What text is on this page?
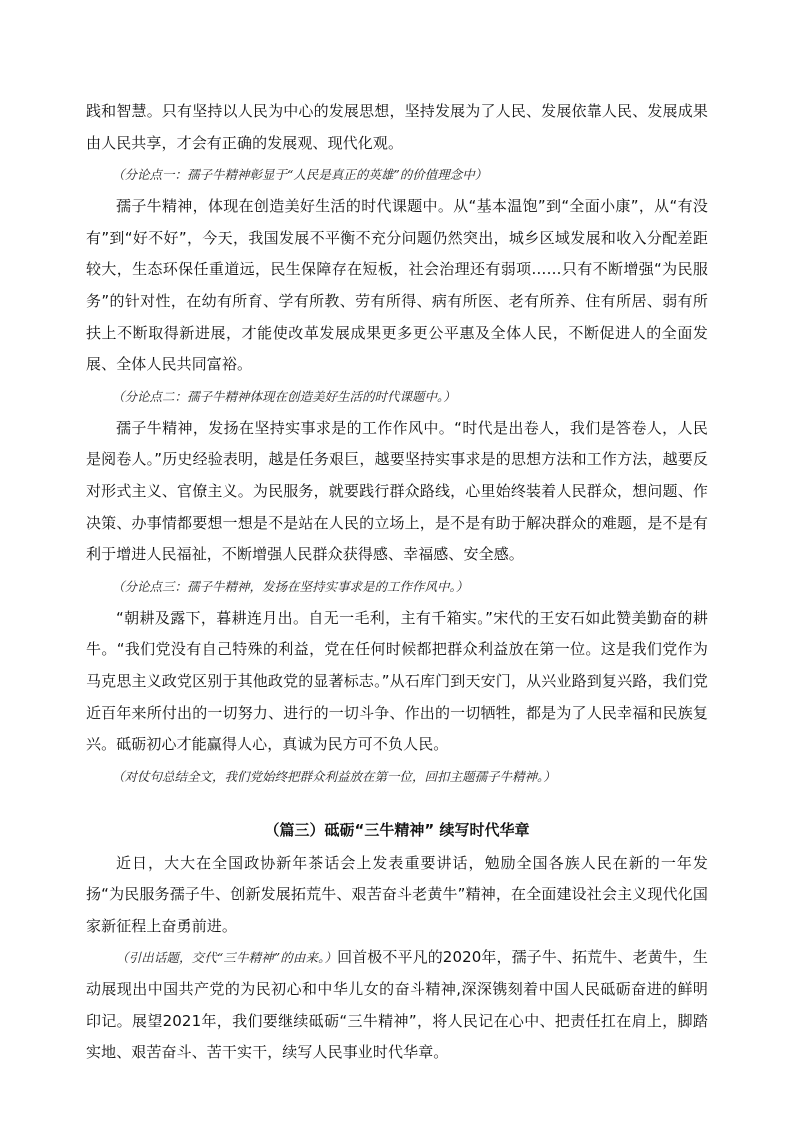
践和智慧。只有坚持以人民为中心的发展思想，坚持发展为了人民、发展依靠人民、发展成果由人民共享，才会有正确的发展观、现代化观。

（分论点一：孺子牛精神彰显于“人民是真正的英雄”的价值理念中）

孺子牛精神，体现在创造美好生活的时代课题中。从“基本温饱”到“全面小康”，从“有没有”到“好不好”，今天，我国发展不平衡不充分问题仍然突出，城乡区域发展和收入分配差距较大，生态环保任重道远，民生保障存在短板，社会治理还有弱项……只有不断增强“为民服务”的针对性，在幼有所育、学有所教、劳有所得、病有所医、老有所养、住有所居、弱有所扶上不断取得新进展，才能使改革发展成果更多更公平惠及全体人民，不断促进人的全面发展、全体人民共同富裕。

（分论点二：孺子牛精神体现在创造美好生活的时代课题中。）

孺子牛精神，发扬在坚持实事求是的工作作风中。“时代是出卷人，我们是答卷人，人民是阅卷人。”历史经验表明，越是任务艰巨，越要坚持实事求是的思想方法和工作方法，越要反对形式主义、官僚主义。为民服务，就要践行群众路线，心里始终装着人民群众，想问题、作决策、办事情都要想一想是不是站在人民的立场上，是不是有助于解决群众的难题，是不是有利于增进人民福祉，不断增强人民群众获得感、幸福感、安全感。

（分论点三：孺子牛精神，发扬在坚持实事求是的工作作风中。）

“朝耕及露下，暮耕连月出。自无一毛利，主有千箱实。”宋代的王安石如此赞美勤奋的耕牛。“我们党没有自己特殊的利益，党在任何时候都把群众利益放在第一位。这是我们党作为马克思主义政党区别于其他政党的显著标志。”从石库门到天安门，从兴业路到复兴路，我们党近百年来所付出的一切努力、进行的一切斗争、作出的一切牺牲，都是为了人民幸福和民族复兴。砥砺初心才能赢得人心，真诚为民方可不负人民。

（对仗句总结全文，我们党始终把群众利益放在第一位，回扣主题孺子牛精神。）

（篇三）砥砺“三牛精神” 续写时代华章

近日，大大在全国政协新年茶话会上发表重要讲话，勉励全国各族人民在新的一年发扬“为民服务孺子牛、创新发展拓荒牛、艰苦奋斗老黄牛”精神，在全面建设社会主义现代化国家新征程上奋勇前进。

（引出话题，交代“三牛精神”的由来。）回首极不平凡的2020年，孺子牛、拓荒牛、老黄牛，生动展现出中国共产党的为民初心和中华儿女的奋斗精神,深深镌刻着中国人民砥砺奋进的鲜明印记。展望2021年，我们要继续砥砺“三牛精神”，将人民记在心中、把责任扛在肩上，脚踏实地、艰苦奋斗、苦干实干，续写人民事业时代华章。
